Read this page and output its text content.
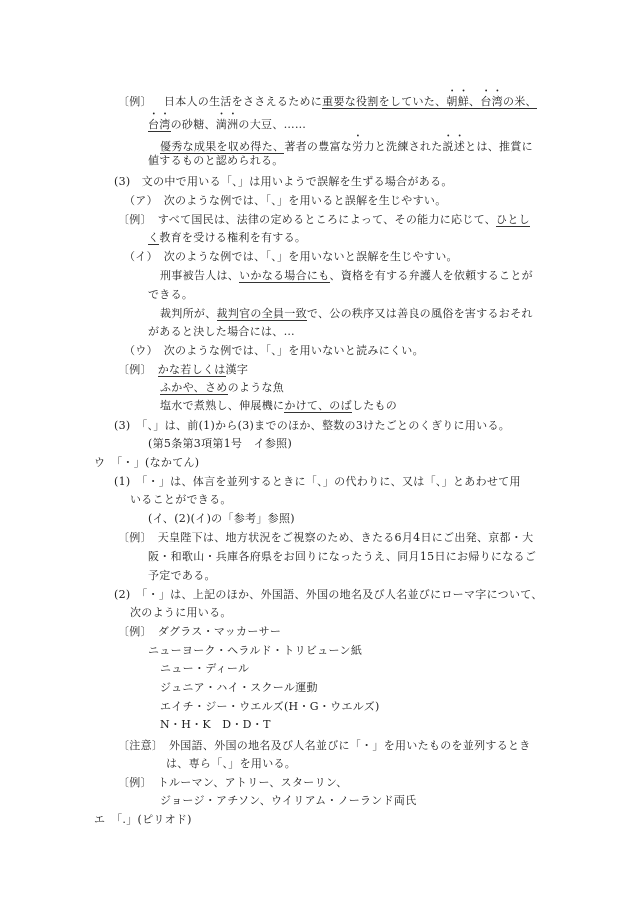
〔例〕 日本人の生活をささえるために重要な役割をしていた、朝鮮、台湾の米、
台湾の砂糖、満洲の大豆、……
優秀な成果を収め得た、著者の豊富な労力と洗練された説述とは、推賞に
値するものと認められる。
(3)　文の中で用いる「、」は用いようで誤解を生ずる場合がある。
（ア）　次のような例では、「、」を用いると誤解を生じやすい。
〔例〕　すべて国民は、法律の定めるところによって、その能力に応じて、ひとし
く教育を受ける権利を有する。
（イ）　次のような例では、「、」を用いないと誤解を生じやすい。
刑事被告人は、いかなる場合にも、資格を有する弁護人を依頼することが
できる。
裁判所が、裁判官の全員一致で、公の秩序又は善良の風俗を害するおそれ
があると決した場合には、…
（ウ）　次のような例では、「、」を用いないと読みにくい。
〔例〕　かな若しくは漢字
ふかや、さめのような魚
塩水で煮熟し、伸展機にかけて、のばしたもの
(3)　「、」は、前(1)から(3)までのほか、整数の3けたごとのくぎりに用いる。
(第5条第3項第1号　イ参照)
ウ　「・」(なかてん)
(1)　「・」は、体言を並列するときに「、」の代わりに、又は「、」とあわせて用
いることができる。
(イ、(2)(イ)の「参考」参照)
〔例〕　天皇陛下は、地方状況をご視察のため、きたる6月4日にご出発、京都・大
阪・和歌山・兵庫各府県をお回りになったうえ、同月15日にお帰りになるご
予定である。
(2)　「・」は、上記のほか、外国語、外国の地名及び人名並びにローマ字について、
次のように用いる。
〔例〕　ダグラス・マッカーサー
ニューヨーク・ヘラルド・トリビューン紙
ニュー・ディール
ジュニア・ハイ・スクール運動
エイチ・ジー・ウエルズ(H・G・ウエルズ)
N・H・K　D・D・T
〔注意〕　外国語、外国の地名及び人名並びに「・」を用いたものを並列するとき
は、専ら「、」を用いる。
〔例〕　トルーマン、アトリー、スターリン、
ジョージ・アチソン、ウイリアム・ノーランド両氏
エ　「.」(ピリオド)
